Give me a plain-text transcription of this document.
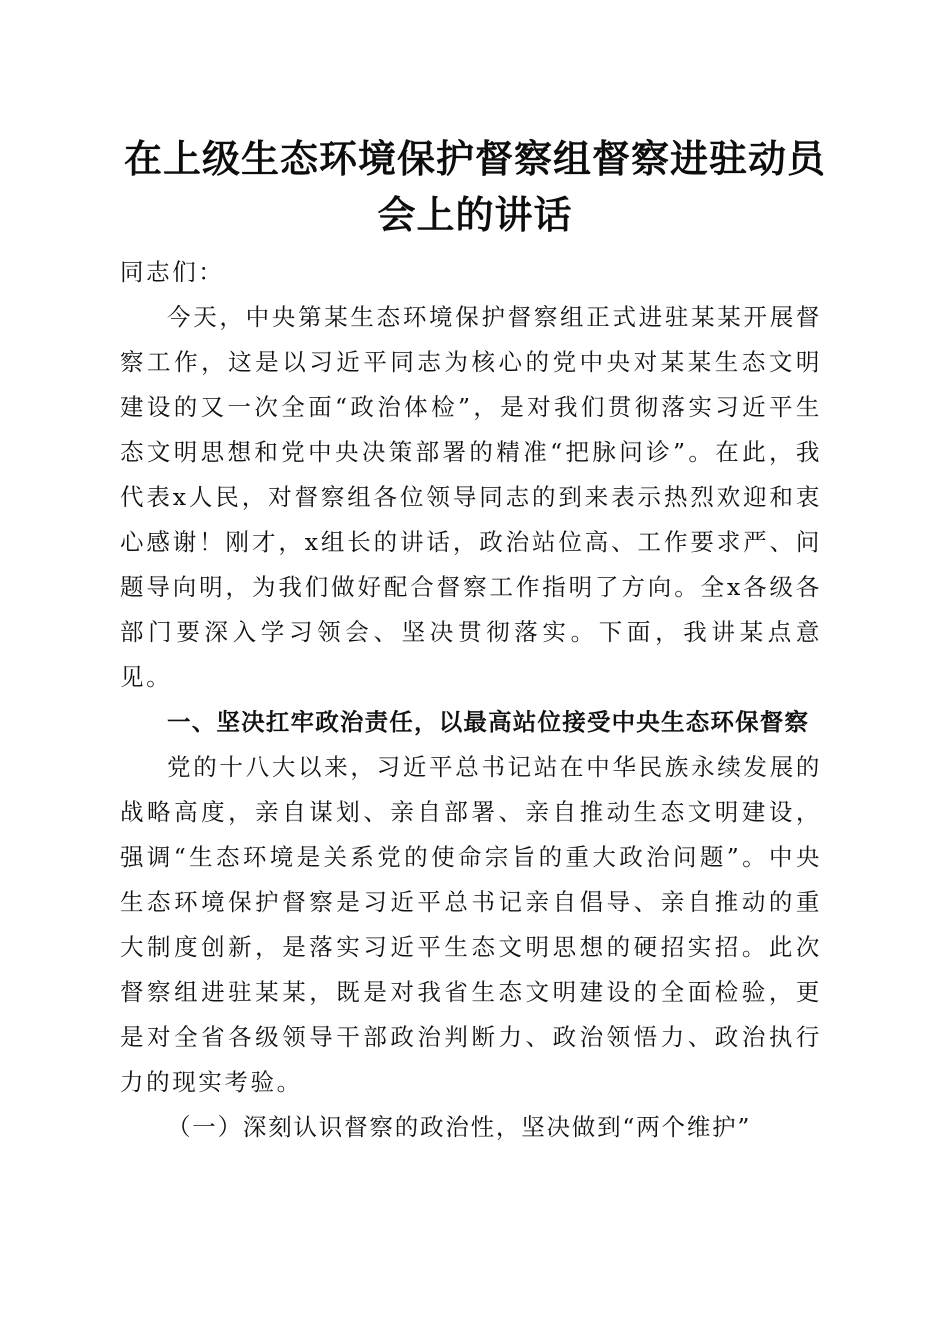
在上级生态环境保护督察组督察进驻动员会上的讲话

同志们：

今天，中央第某生态环境保护督察组正式进驻某某开展督察工作，这是以习近平同志为核心的党中央对某某生态文明建设的又一次全面“政治体检”，是对我们贯彻落实习近平生态文明思想和党中央决策部署的精准“把脉问诊”。在此，我代表x人民，对督察组各位领导同志的到来表示热烈欢迎和衷心感谢！刚才，x组长的讲话，政治站位高、工作要求严、问题导向明，为我们做好配合督察工作指明了方向。全x各级各部门要深入学习领会、坚决贯彻落实。下面，我讲某点意见。

一、坚决扛牢政治责任，以最高站位接受中央生态环保督察

党的十八大以来，习近平总书记站在中华民族永续发展的战略高度，亲自谋划、亲自部署、亲自推动生态文明建设，强调“生态环境是关系党的使命宗旨的重大政治问题”。中央生态环境保护督察是习近平总书记亲自倡导、亲自推动的重大制度创新，是落实习近平生态文明思想的硬招实招。此次督察组进驻某某，既是对我省生态文明建设的全面检验，更是对全省各级领导干部政治判断力、政治领悟力、政治执行力的现实考验。

（一）深刻认识督察的政治性，坚决做到“两个维护”
